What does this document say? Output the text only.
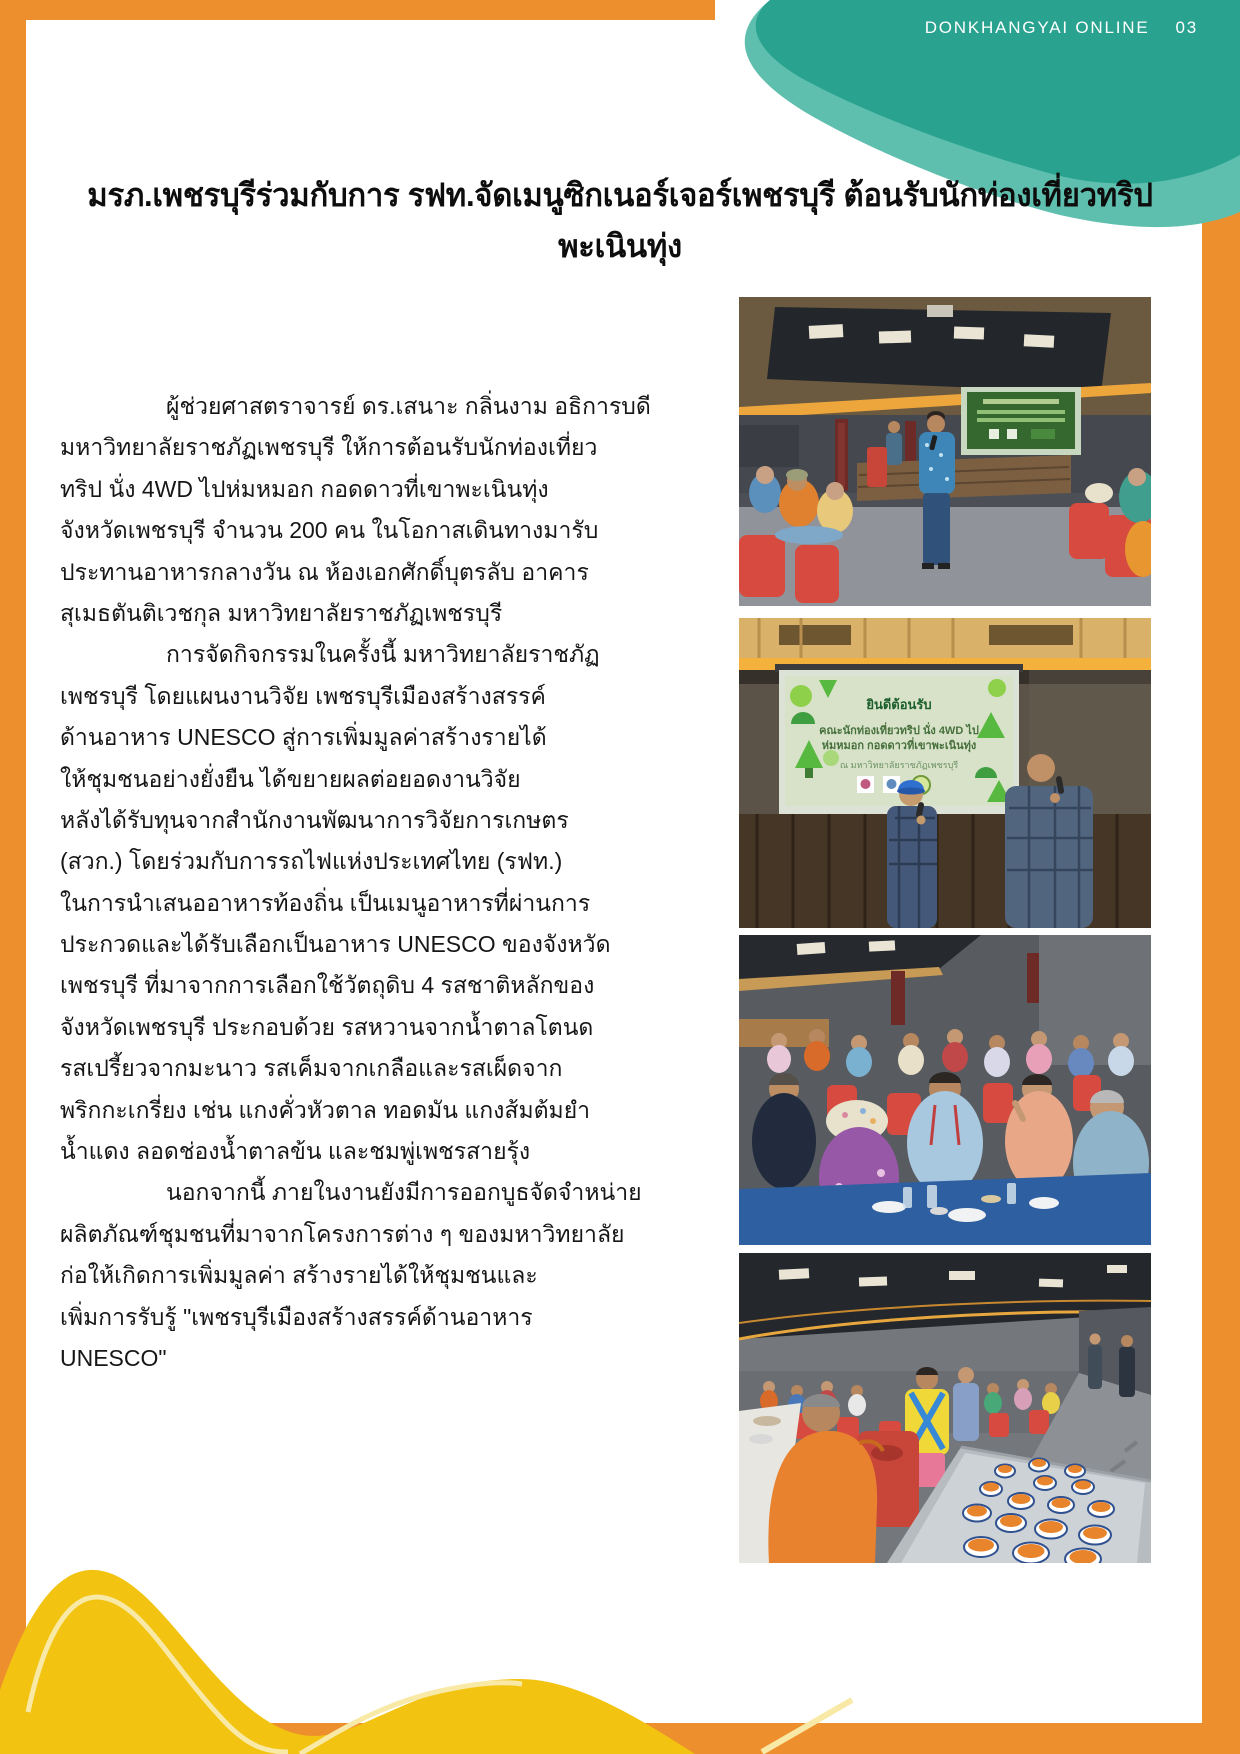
DONKHANGYAI ONLINE 03
มรภ.เพชรบุรีร่วมกับการ รฟท.จัดเมนูซิกเนอร์เจอร์เพชรบุรี ต้อนรับนักท่องเที่ยวทริปพะเนินทุ่ง
ผู้ช่วยศาสตราจารย์ ดร.เสนาะ กลิ่นงาม อธิการบดี
มหาวิทยาลัยราชภัฏเพชรบุรี ให้การต้อนรับนักท่องเที่ยว
ทริป นั่ง 4WD ไปห่มหมอก กอดดาวที่เขาพะเนินทุ่ง
จังหวัดเพชรบุรี จำนวน 200 คน ในโอกาสเดินทางมารับ
ประทานอาหารกลางวัน ณ ห้องเอกศักดิ์บุตรลับ อาคาร
สุเมธตันติเวชกุล มหาวิทยาลัยราชภัฏเพชรบุรี
การจัดกิจกรรมในครั้งนี้ มหาวิทยาลัยราชภัฏ
เพชรบุรี โดยแผนงานวิจัย เพชรบุรีเมืองสร้างสรรค์
ด้านอาหาร UNESCO สู่การเพิ่มมูลค่าสร้างรายได้
ให้ชุมชนอย่างยั่งยืน ได้ขยายผลต่อยอดงานวิจัย
หลังได้รับทุนจากสำนักงานพัฒนาการวิจัยการเกษตร
(สวก.) โดยร่วมกับการรถไฟแห่งประเทศไทย (รฟท.)
ในการนำเสนออาหารท้องถิ่น เป็นเมนูอาหารที่ผ่านการ
ประกวดและได้รับเลือกเป็นอาหาร UNESCO ของจังหวัด
เพชรบุรี ที่มาจากการเลือกใช้วัตถุดิบ 4 รสชาติหลักของ
จังหวัดเพชรบุรี ประกอบด้วย รสหวานจากน้ำตาลโตนด
รสเปรี้ยวจากมะนาว รสเค็มจากเกลือและรสเผ็ดจาก
พริกกะเกรี่ยง เช่น แกงคั่วหัวตาล ทอดมัน แกงส้มต้มยำ
น้ำแดง ลอดช่องน้ำตาลข้น และชมพู่เพชรสายรุ้ง
นอกจากนี้ ภายในงานยังมีการออกบูธจัดจำหน่าย
ผลิตภัณฑ์ชุมชนที่มาจากโครงการต่าง ๆ ของมหาวิทยาลัย
ก่อให้เกิดการเพิ่มมูลค่า สร้างรายได้ให้ชุมชนและ
เพิ่มการรับรู้ "เพชรบุรีเมืองสร้างสรรค์ด้านอาหาร
UNESCO"
ยินดีต้อนรับ
คณะนักท่องเที่ยวทริป นั่ง 4WD ไป
ห่มหมอก กอดดาวที่เขาพะเนินทุ่ง
ณ มหาวิทยาลัยราชภัฏเพชรบุรี
